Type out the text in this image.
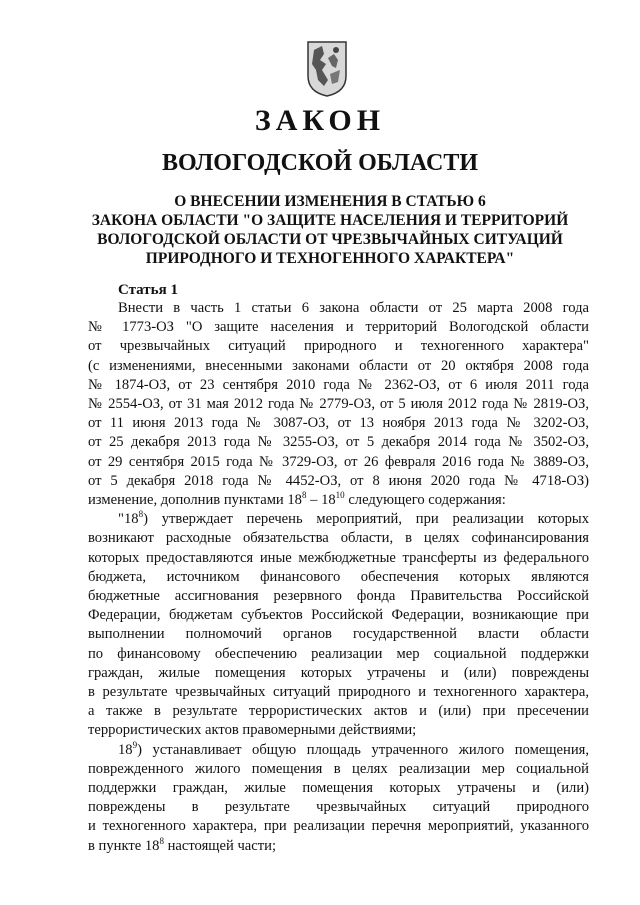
ЗАКОН
ВОЛОГОДСКОЙ ОБЛАСТИ
О ВНЕСЕНИИ ИЗМЕНЕНИЯ В СТАТЬЮ 6
ЗАКОНА ОБЛАСТИ "О ЗАЩИТЕ НАСЕЛЕНИЯ И ТЕРРИТОРИЙ
ВОЛОГОДСКОЙ ОБЛАСТИ ОТ ЧРЕЗВЫЧАЙНЫХ СИТУАЦИЙ
ПРИРОДНОГО И ТЕХНОГЕННОГО ХАРАКТЕРА"
Статья 1
Внести в часть 1 статьи 6 закона области от 25 марта 2008 года
№ 1773-ОЗ "О защите населения и территорий Вологодской области
от чрезвычайных ситуаций природного и техногенного характера"
(с изменениями, внесенными законами области от 20 октября 2008 года
№ 1874-ОЗ, от 23 сентября 2010 года № 2362-ОЗ, от 6 июля 2011 года
№ 2554-ОЗ, от 31 мая 2012 года № 2779-ОЗ, от 5 июля 2012 года № 2819-ОЗ,
от 11 июня 2013 года № 3087-ОЗ, от 13 ноября 2013 года № 3202-ОЗ,
от 25 декабря 2013 года № 3255-ОЗ, от 5 декабря 2014 года № 3502-ОЗ,
от 29 сентября 2015 года № 3729-ОЗ, от 26 февраля 2016 года № 3889-ОЗ,
от 5 декабря 2018 года № 4452-ОЗ, от 8 июня 2020 года № 4718-ОЗ)
изменение, дополнив пунктами $18^8 - 18^{10}$ следующего содержания:
"$18^8$) утверждает перечень мероприятий, при реализации которых
возникают расходные обязательства области, в целях софинансирования
которых предоставляются иные межбюджетные трансферты из федерального
бюджета, источником финансового обеспечения которых являются
бюджетные ассигнования резервного фонда Правительства Российской
Федерации, бюджетам субъектов Российской Федерации, возникающие при
выполнении полномочий органов государственной власти области
по финансовому обеспечению реализации мер социальной поддержки
граждан, жилые помещения которых утрачены и (или) повреждены
в результате чрезвычайных ситуаций природного и техногенного характера,
а также в результате террористических актов и (или) при пресечении
террористических актов правомерными действиями;
$18^9$) устанавливает общую площадь утраченного жилого помещения,
поврежденного жилого помещения в целях реализации мер социальной
поддержки граждан, жилые помещения которых утрачены и (или)
повреждены в результате чрезвычайных ситуаций природного
и техногенного характера, при реализации перечня мероприятий, указанного
в пункте $18^8$ настоящей части;
